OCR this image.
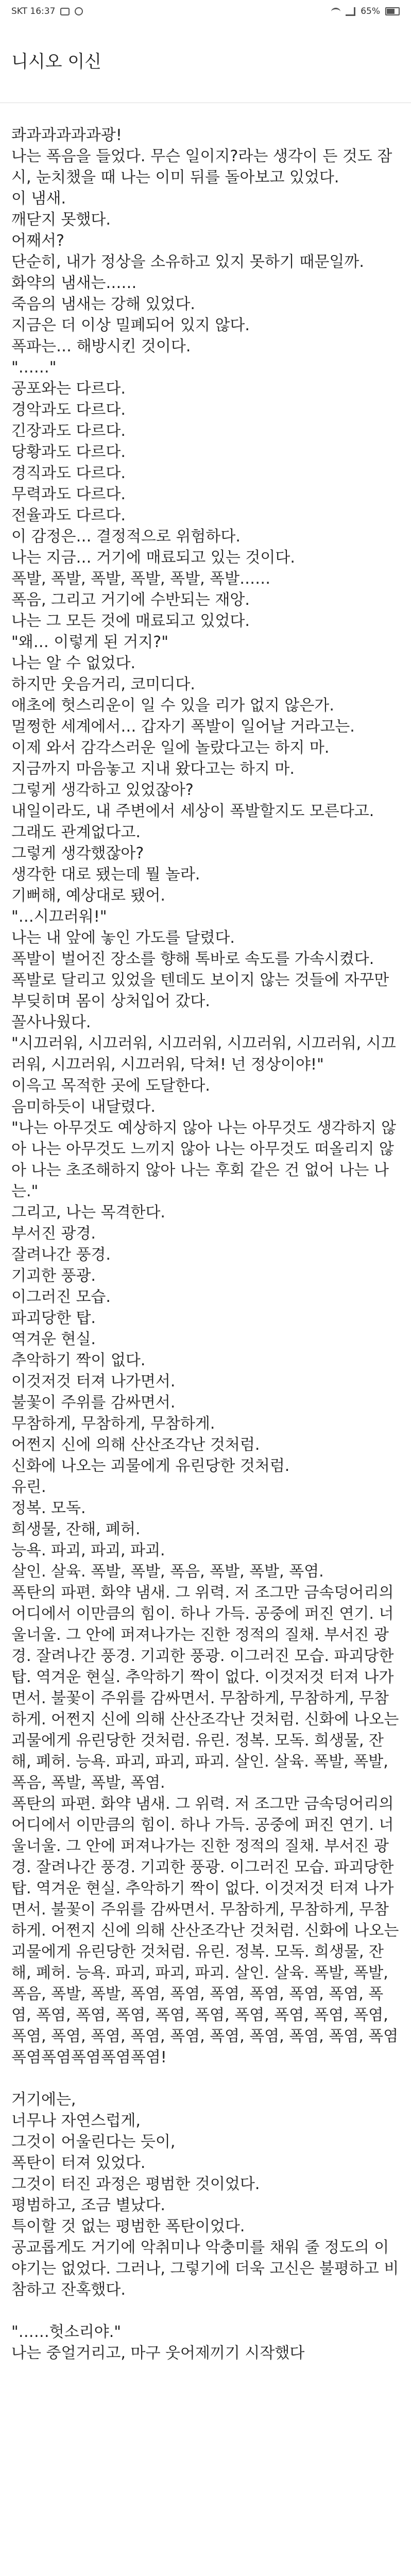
SKT 16:37	65%
니시오 이신
콰과과과과과광!
나는 폭음을 들었다. 무슨 일이지?라는 생각이 든 것도 잠시, 눈치챘을 때 나는 이미 뒤를 돌아보고 있었다.
이 냄새.
깨닫지 못했다.
어째서?
단순히, 내가 정상을 소유하고 있지 못하기 때문일까.
화약의 냄새는……
죽음의 냄새는 강해 있었다.
지금은 더 이상 밀폐되어 있지 않다.
폭파는… 해방시킨 것이다.
"……"
공포와는 다르다.
경악과도 다르다.
긴장과도 다르다.
당황과도 다르다.
경직과도 다르다.
무력과도 다르다.
전율과도 다르다.
이 감정은… 결정적으로 위험하다.
나는 지금… 거기에 매료되고 있는 것이다.
폭발, 폭발, 폭발, 폭발, 폭발, 폭발……
폭음, 그리고 거기에 수반되는 재앙.
나는 그 모든 것에 매료되고 있었다.
"왜… 이렇게 된 거지?"
나는 알 수 없었다.
하지만 웃음거리, 코미디다.
애초에 헛스리운이 일 수 있을 리가 없지 않은가.
멀쩡한 세계에서… 갑자기 폭발이 일어날 거라고는.
이제 와서 감각스러운 일에 놀랐다고는 하지 마.
지금까지 마음놓고 지내 왔다고는 하지 마.
그렇게 생각하고 있었잖아?
내일이라도, 내 주변에서 세상이 폭발할지도 모른다고.
그래도 관계없다고.
그렇게 생각했잖아?
생각한 대로 됐는데 뭘 놀라.
기뻐해, 예상대로 됐어.
"…시끄러워!"
나는 내 앞에 놓인 가도를 달렸다.
폭발이 벌어진 장소를 향해 톡바로 속도를 가속시켰다.
폭발로 달리고 있었을 텐데도 보이지 않는 것들에 자꾸만 부딪히며 몸이 상처입어 갔다.
꼴사나웠다.
"시끄러워, 시끄러워, 시끄러워, 시끄러워, 시끄러워, 시끄러워, 시끄러워, 시끄러워, 닥쳐! 넌 정상이야!"
이윽고 목적한 곳에 도달한다.
음미하듯이 내달렸다.
"나는 아무것도 예상하지 않아 나는 아무것도 생각하지 않아 나는 아무것도 느끼지 않아 나는 아무것도 떠올리지 않아 나는 초조해하지 않아 나는 후회 같은 건 없어 나는 나는."
그리고, 나는 목격한다.
부서진 광경.
잘려나간 풍경.
기괴한 풍광.
이그러진 모습.
파괴당한 탑.
역겨운 현실.
추악하기 짝이 없다.
이것저것 터져 나가면서.
불꽃이 주위를 감싸면서.
무참하게, 무참하게, 무참하게.
어쩐지 신에 의해 산산조각난 것처럼.
신화에 나오는 괴물에게 유린당한 것처럼.
유린.
정복. 모독.
희생물, 잔해, 폐허.
능욕. 파괴, 파괴, 파괴.
살인. 살육. 폭발, 폭발, 폭음, 폭발, 폭발, 폭염.
폭탄의 파편. 화약 냄새. 그 위력. 저 조그만 금속덩어리의 어디에서 이만큼의 힘이. 하나 가득. 공중에 퍼진 연기. 너울너울. 그 안에 퍼져나가는 진한 정적의 질채. 부서진 광경. 잘려나간 풍경. 기괴한 풍광. 이그러진 모습. 파괴당한 탑. 역겨운 현실. 추악하기 짝이 없다. 이것저것 터져 나가면서. 불꽃이 주위를 감싸면서. 무참하게, 무참하게, 무참하게. 어쩐지 신에 의해 산산조각난 것처럼. 신화에 나오는 괴물에게 유린당한 것처럼. 유린. 정복. 모독. 희생물, 잔해, 폐허. 능욕. 파괴, 파괴, 파괴. 살인. 살육. 폭발, 폭발, 폭음, 폭발, 폭발, 폭염.
폭탄의 파편. 화약 냄새. 그 위력. 저 조그만 금속덩어리의 어디에서 이만큼의 힘이. 하나 가득. 공중에 퍼진 연기. 너울너울. 그 안에 퍼져나가는 진한 정적의 질채. 부서진 광경. 잘려나간 풍경. 기괴한 풍광. 이그러진 모습. 파괴당한 탑. 역겨운 현실. 추악하기 짝이 없다. 이것저것 터져 나가면서. 불꽃이 주위를 감싸면서. 무참하게, 무참하게, 무참하게. 어쩐지 신에 의해 산산조각난 것처럼. 신화에 나오는 괴물에게 유린당한 것처럼. 유린. 정복. 모독. 희생물, 잔해, 폐허. 능욕. 파괴, 파괴, 파괴. 살인. 살육. 폭발, 폭발, 폭음, 폭발, 폭발, 폭염, 폭염, 폭염, 폭염, 폭염, 폭염, 폭염, 폭염, 폭염, 폭염, 폭염, 폭염, 폭염, 폭염, 폭염, 폭염, 폭염, 폭염, 폭염, 폭염, 폭염, 폭염, 폭염, 폭염, 폭염, 폭염폭염폭염폭염폭염폭염!
거기에는,
너무나 자연스럽게,
그것이 어울린다는 듯이,
폭탄이 터져 있었다.
그것이 터진 과정은 평범한 것이었다.
평범하고, 조금 별났다.
특이할 것 없는 평범한 폭탄이었다.
공교롭게도 거기에 악취미나 악충미를 채워 줄 정도의 이야기는 없었다. 그러나, 그렇기에 더욱 고신은 불평하고 비참하고 잔혹했다.
"……헛소리야."
나는 중얼거리고, 마구 웃어제끼기 시작했다
